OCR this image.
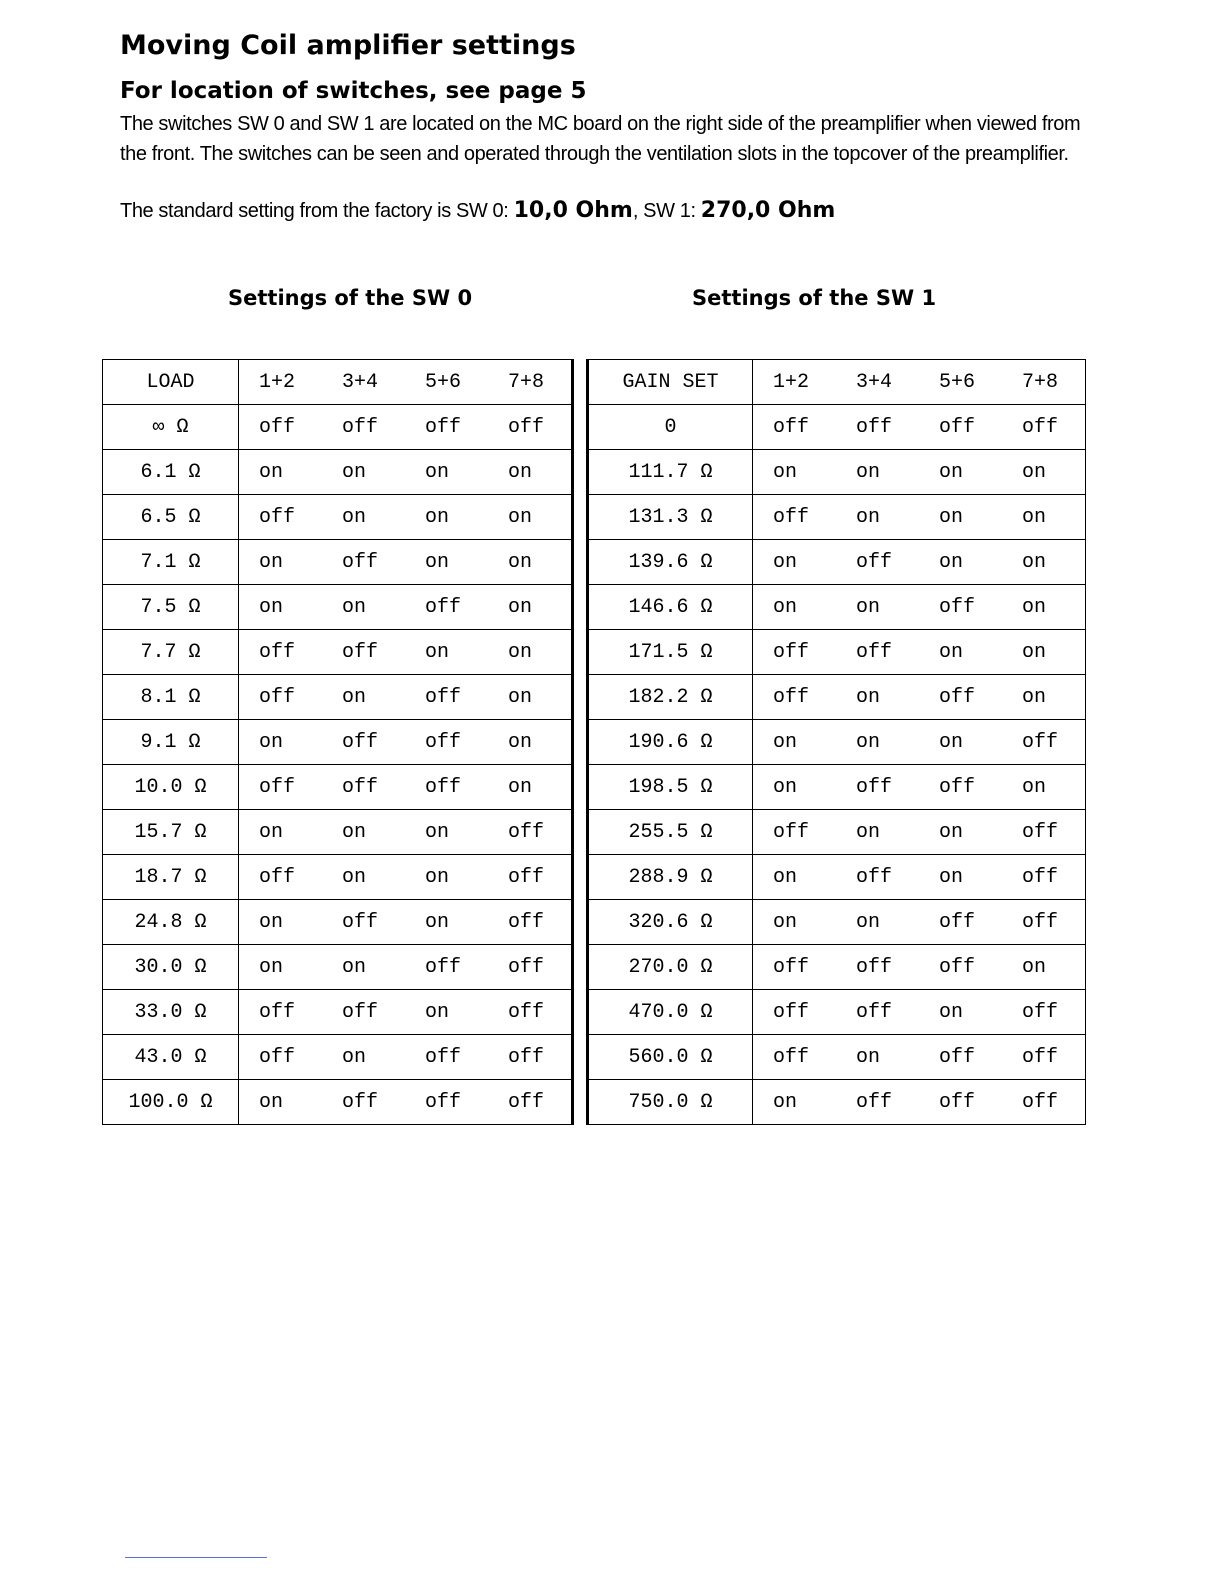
Moving Coil amplifier settings
For location of switches, see page 5
The switches SW 0 and SW 1 are located on the MC board on the right side of the preamplifier when viewed from the front. The switches can be seen and operated through the ventilation slots in the topcover of the preamplifier.
The standard setting from the factory is SW 0: 10,0 Ohm, SW 1: 270,0 Ohm
Settings of the SW 0	Settings of the SW 1
LOAD	1+2	3+4	5+6	7+8
∞ Ω	off	off	off	off
6.1 Ω	on	on	on	on
6.5 Ω	off	on	on	on
7.1 Ω	on	off	on	on
7.5 Ω	on	on	off	on
7.7 Ω	off	off	on	on
8.1 Ω	off	on	off	on
9.1 Ω	on	off	off	on
10.0 Ω	off	off	off	on
15.7 Ω	on	on	on	off
18.7 Ω	off	on	on	off
24.8 Ω	on	off	on	off
30.0 Ω	on	on	off	off
33.0 Ω	off	off	on	off
43.0 Ω	off	on	off	off
100.0 Ω	on	off	off	off
GAIN SET	1+2	3+4	5+6	7+8
0	off	off	off	off
111.7 Ω	on	on	on	on
131.3 Ω	off	on	on	on
139.6 Ω	on	off	on	on
146.6 Ω	on	on	off	on
171.5 Ω	off	off	on	on
182.2 Ω	off	on	off	on
190.6 Ω	on	on	on	off
198.5 Ω	on	off	off	on
255.5 Ω	off	on	on	off
288.9 Ω	on	off	on	off
320.6 Ω	on	on	off	off
270.0 Ω	off	off	off	on
470.0 Ω	off	off	on	off
560.0 Ω	off	on	off	off
750.0 Ω	on	off	off	off
